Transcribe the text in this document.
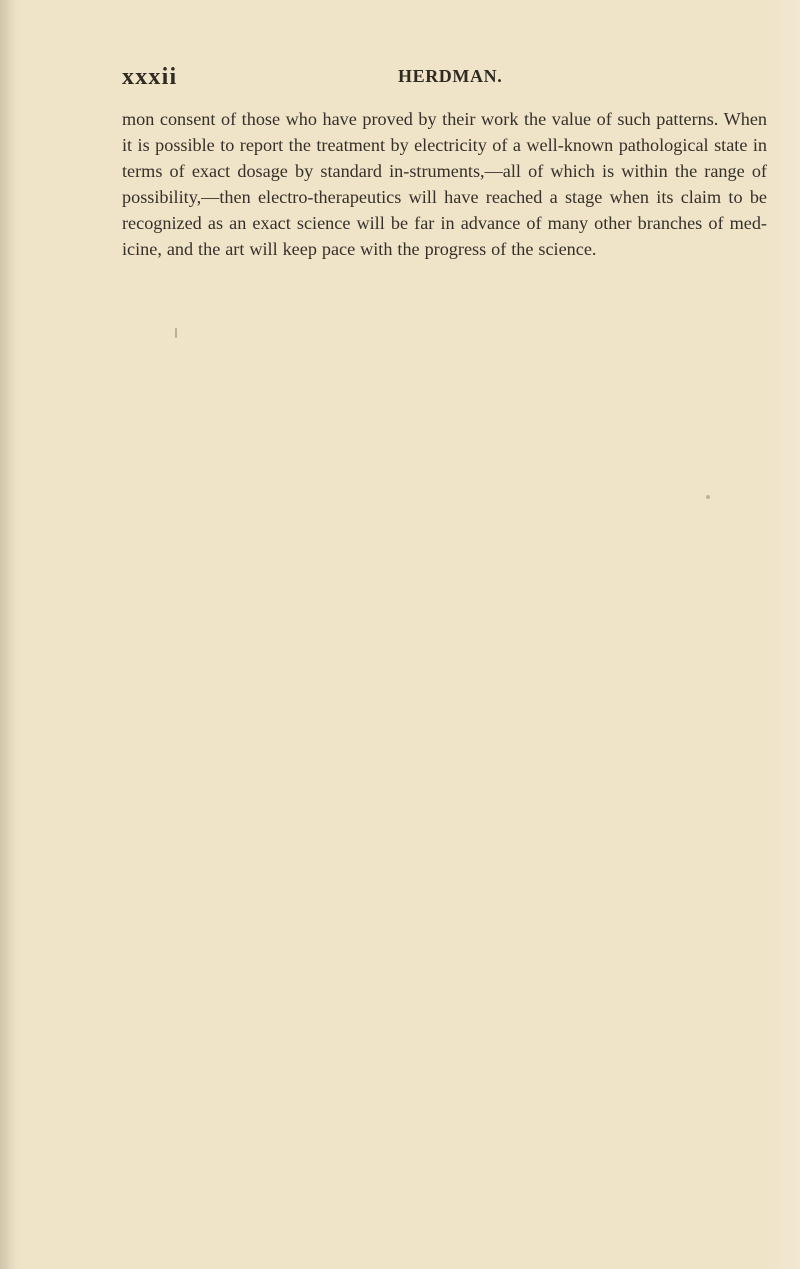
xxxii	HERDMAN.

mon consent of those who have proved by their work the value of such patterns. When it is possible to report the treatment by electricity of a well-known pathological state in terms of exact dosage by standard in-struments,—all of which is within the range of possibility,—then electro-therapeutics will have reached a stage when its claim to be recognized as an exact science will be far in advance of many other branches of med-icine, and the art will keep pace with the progress of the science.
